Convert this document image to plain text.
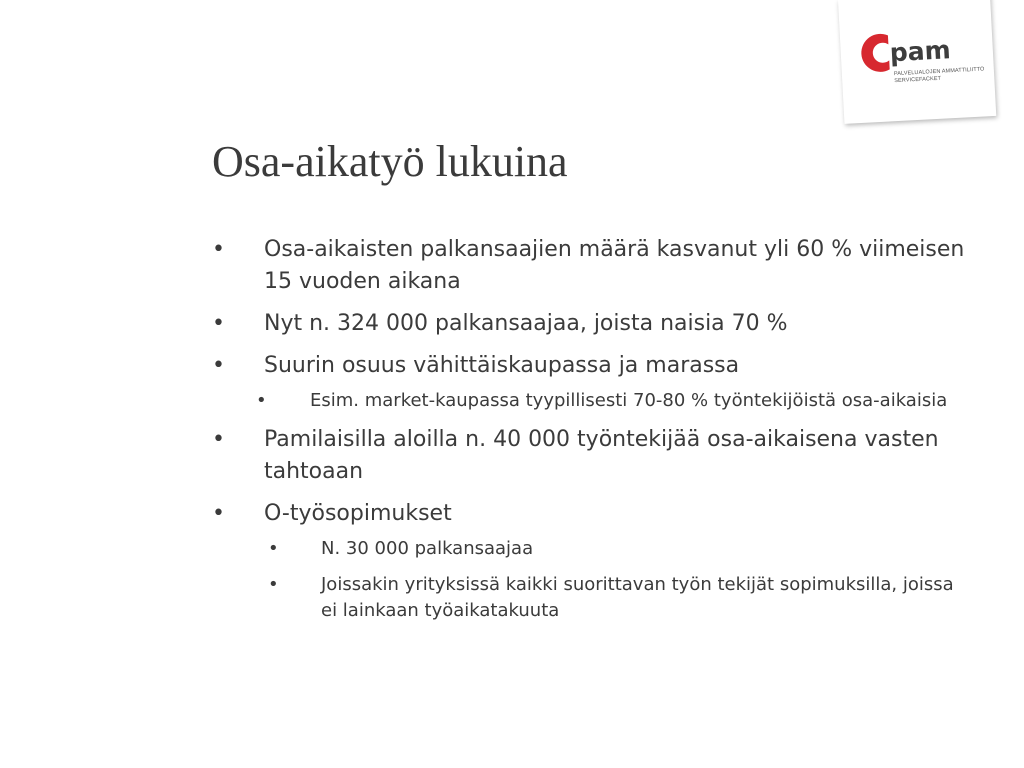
pam
PALVELUALOJEN AMMATTILIITTO
SERVICEFACKET
Osa-aikatyö lukuina
• Osa-aikaisten palkansaajien määrä kasvanut yli 60 % viimeisen 15 vuoden aikana
• Nyt n. 324 000 palkansaajaa, joista naisia 70 %
• Suurin osuus vähittäiskaupassa ja marassa
• Esim. market-kaupassa tyypillisesti 70-80 % työntekijöistä osa-aikaisia
• Pamilaisilla aloilla n. 40 000 työntekijää osa-aikaisena vasten tahtoaan
• O-työsopimukset
• N. 30 000 palkansaajaa
• Joissakin yrityksissä kaikki suorittavan työn tekijät sopimuksilla, joissa ei lainkaan työaikatakuuta
